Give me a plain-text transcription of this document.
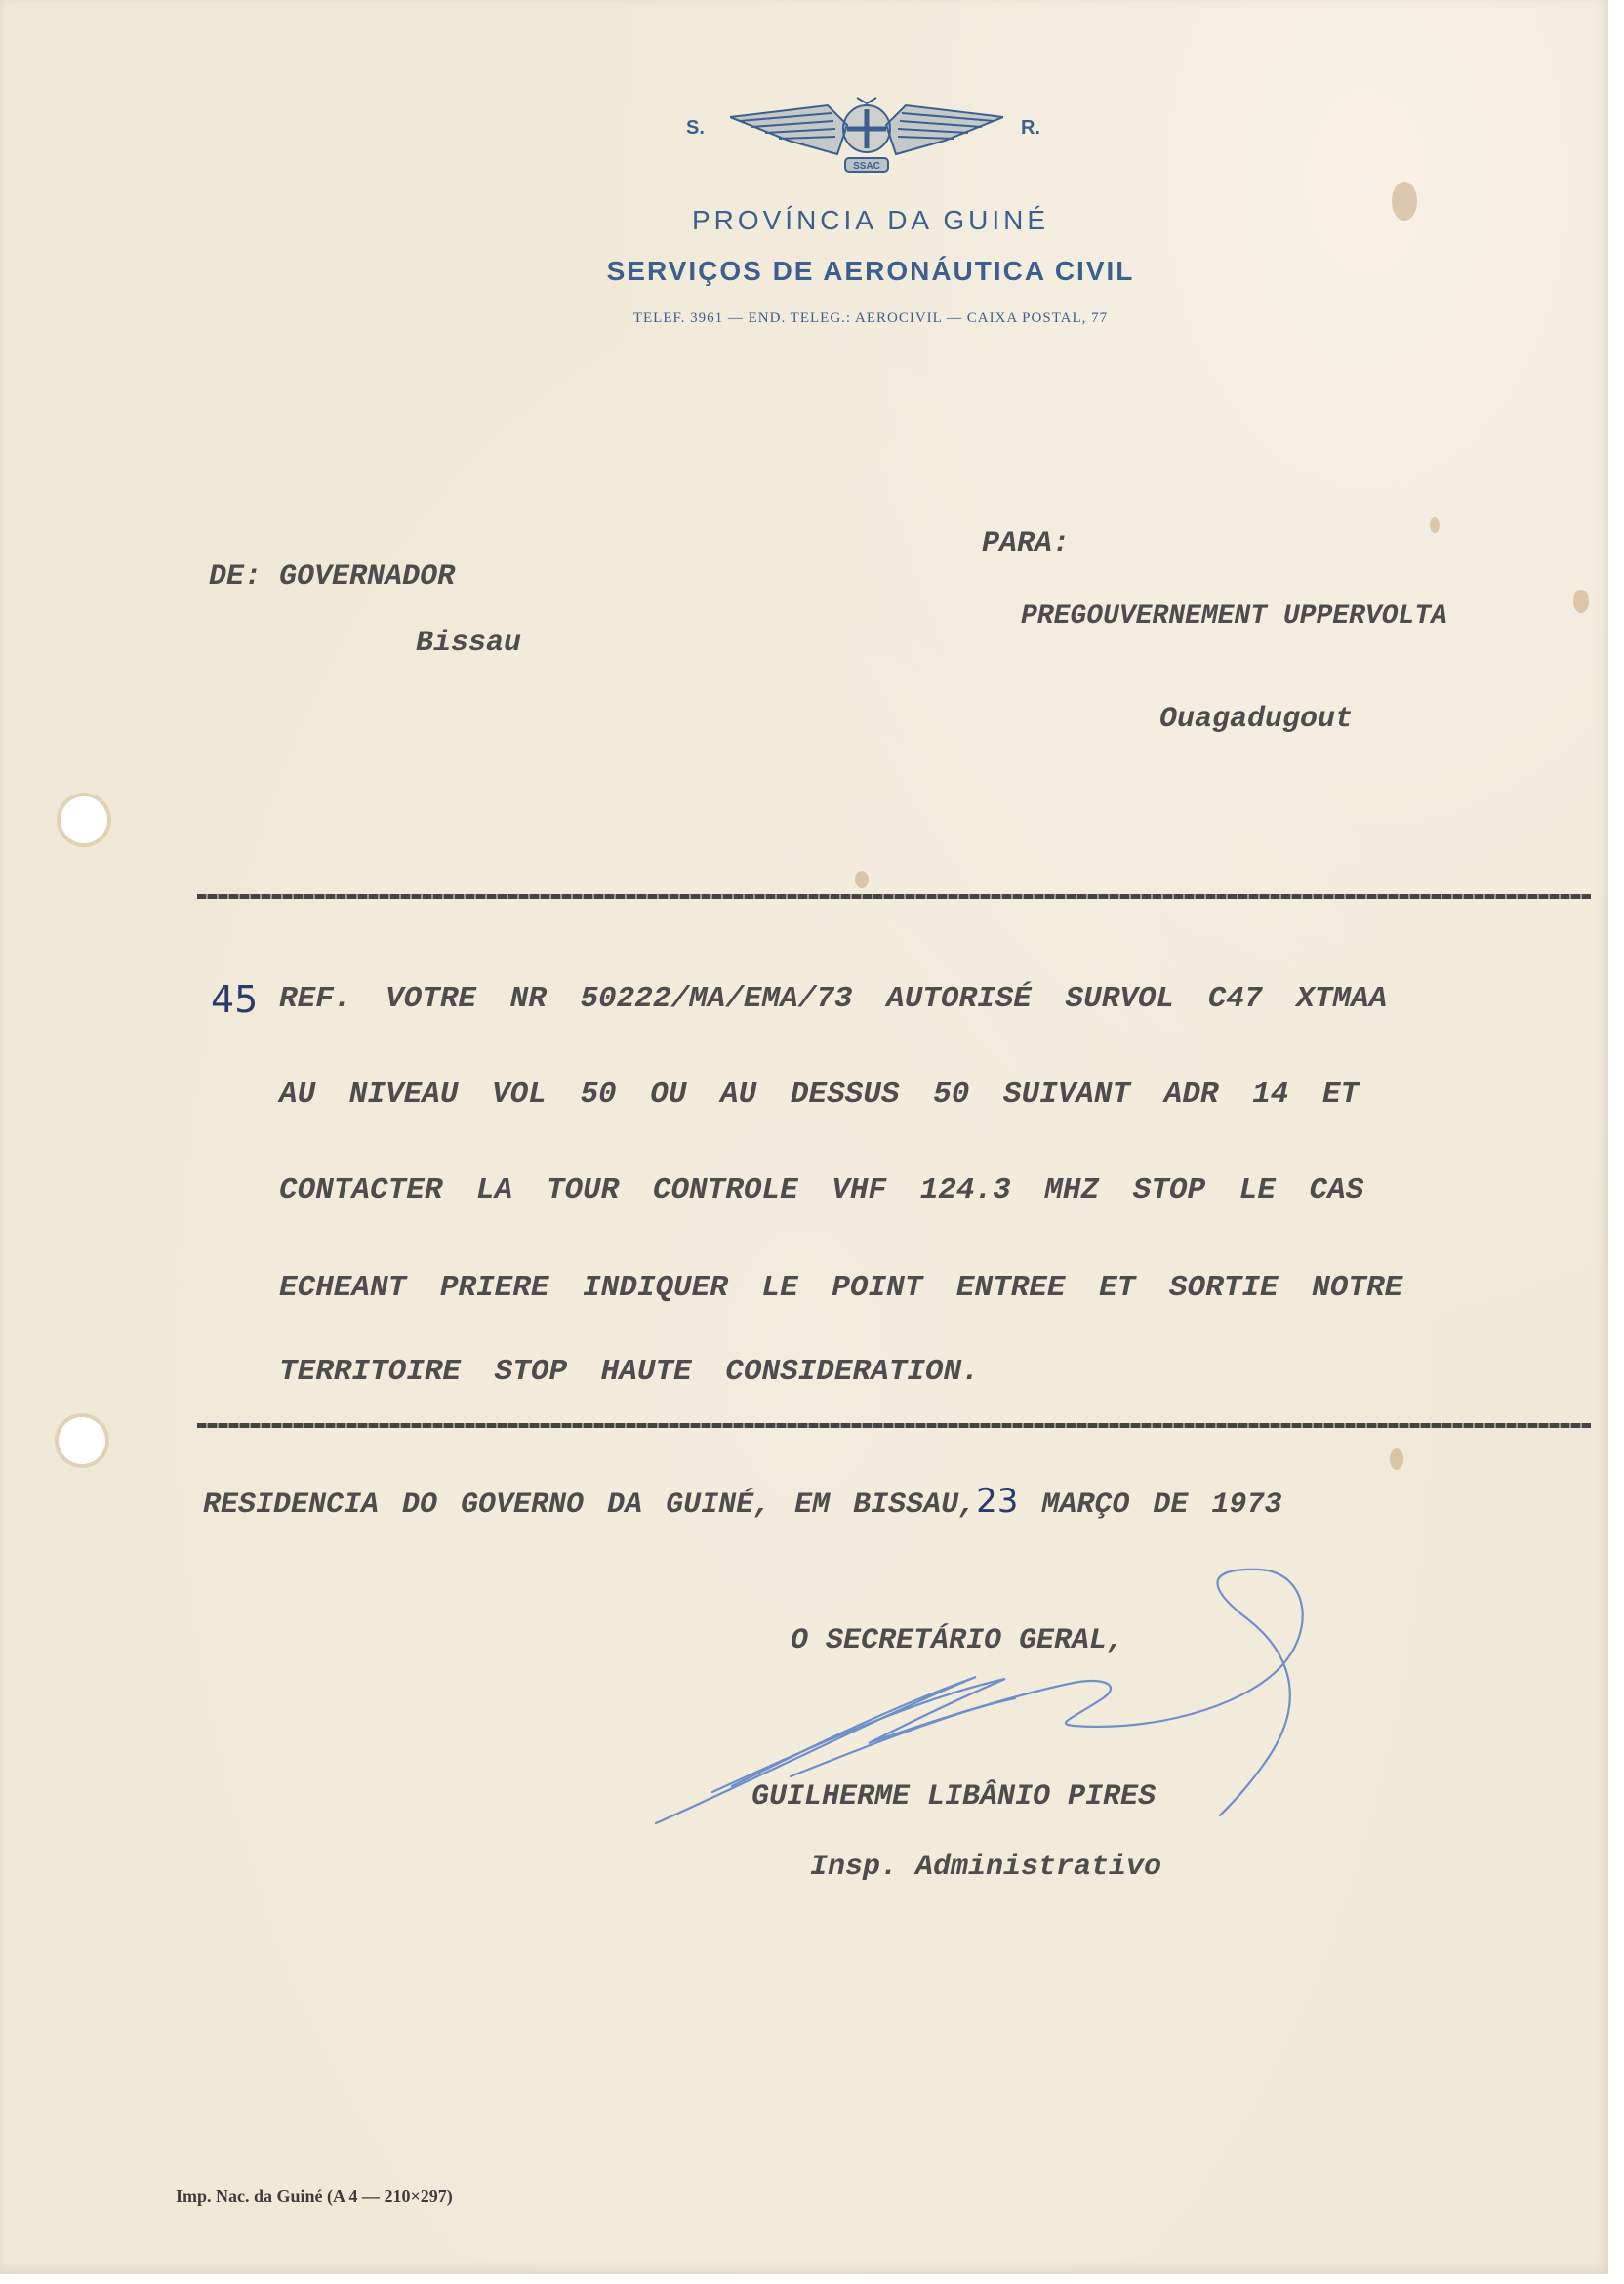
S.
SSAC
R.
PROVÍNCIA DA GUINÉ
SERVIÇOS DE AERONÁUTICA CIVIL
TELEF. 3961 — END. TELEG.: AEROCIVIL — CAIXA POSTAL, 77

DE: GOVERNADOR

Bissau
PARA:
PREGOUVERNEMENT UPPERVOLTA
Ouagadugout
45 REF. VOTRE NR 50222/MA/EMA/73 AUTORISÉ SURVOL C47 XTMAA
AU NIVEAU VOL 50 OU AU DESSUS 50 SUIVANT ADR 14 ET
CONTACTER LA TOUR CONTROLE VHF 124.3 MHZ STOP LE CAS
ECHEANT PRIERE INDIQUER LE POINT ENTREE ET SORTIE NOTRE
TERRITOIRE STOP HAUTE CONSIDERATION.
RESIDENCIA DO GOVERNO DA GUINÉ, EM BISSAU,23 MARÇO DE 1973
O SECRETÁRIO GERAL,
GUILHERME LIBÂNIO PIRES
Insp. Administrativo
Imp. Nac. da Guiné (A 4 — 210×297)
